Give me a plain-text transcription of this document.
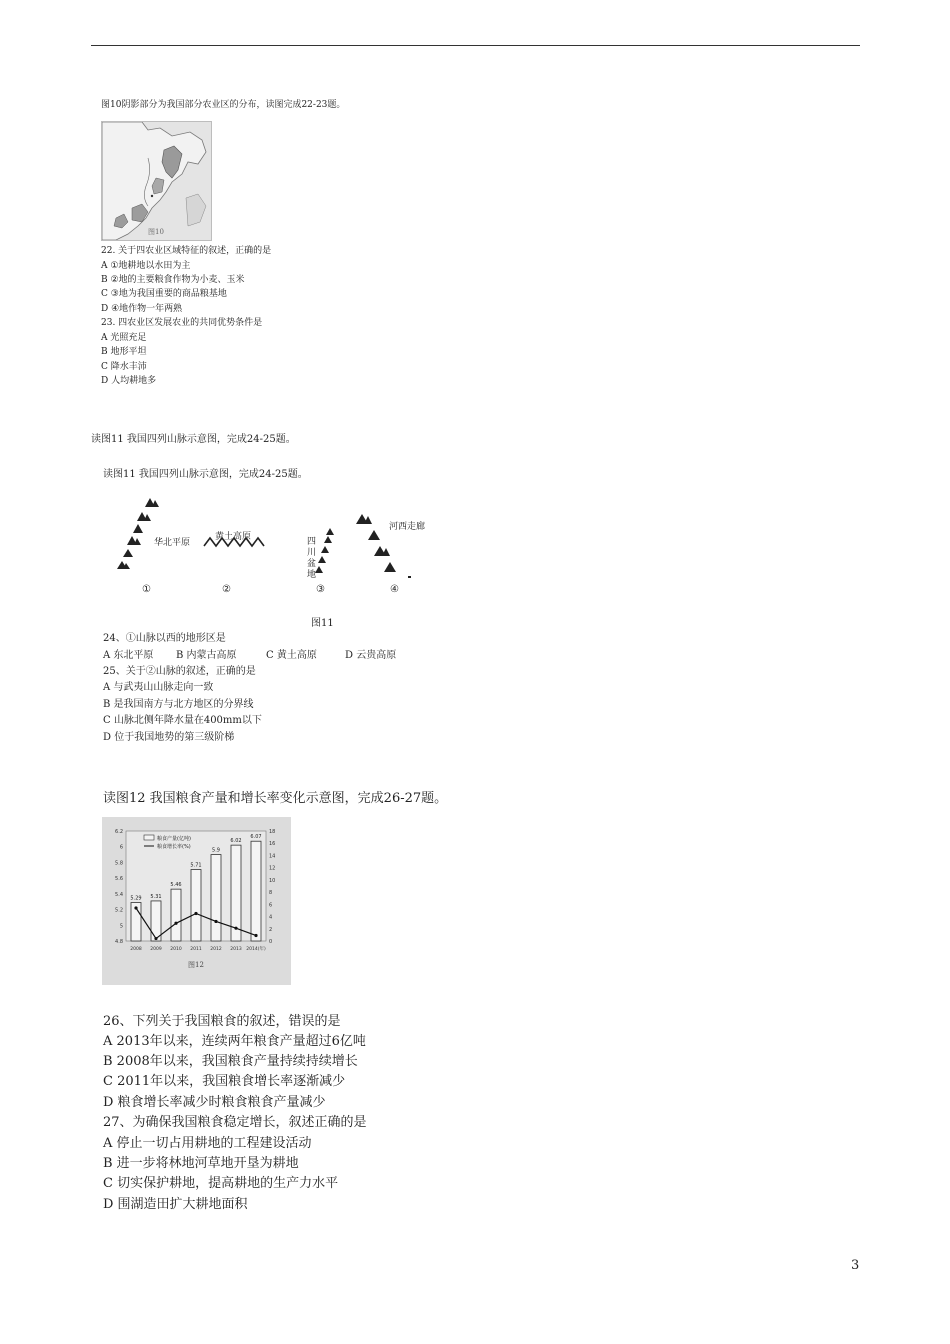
图10阴影部分为我国部分农业区的分布，读图完成22-23题。
图10
22. 关于四农业区域特征的叙述，正确的是
A ①地耕地以水田为主
B ②地的主要粮食作物为小麦、玉米
C ③地为我国重要的商品粮基地
D ④地作物一年两熟
23. 四农业区发展农业的共同优势条件是
A 光照充足
B 地形平坦
C 降水丰沛
D 人均耕地多
读图11 我国四列山脉示意图，完成24-25题。
读图11 我国四列山脉示意图，完成24-25题。
华北平原
黄土高原	四川盆地
河西走廊
①	②	③	④
图11
24、①山脉以西的地形区是
A 东北平原 B 内蒙古高原	C 黄土高原	D 云贵高原
25、关于②山脉的叙述，正确的是
A 与武夷山山脉走向一致
B 是我国南方与北方地区的分界线
C 山脉北侧年降水量在400mm以下
D 位于我国地势的第三级阶梯
读图12 我国粮食产量和增长率变化示意图，完成26-27题。
6.2
6
5.8
5.6
5.4
5.2
5
4.8
18
16
14
12
10
8
6
4
2
0
5.29
2008
5.31
2009
5.46
2010
5.71
2011
5.9
2012
6.02
2013
6.07
2014(年)
粮食产量(亿吨)
粮食增长率(%)
图12
26、下列关于我国粮食的叙述，错误的是
A 2013年以来，连续两年粮食产量超过6亿吨
B 2008年以来，我国粮食产量持续持续增长
C 2011年以来，我国粮食增长率逐渐减少
D 粮食增长率减少时粮食粮食产量减少
27、为确保我国粮食稳定增长，叙述正确的是
A 停止一切占用耕地的工程建设活动
B 进一步将林地河草地开垦为耕地
C 切实保护耕地，提高耕地的生产力水平
D 围湖造田扩大耕地面积
3
